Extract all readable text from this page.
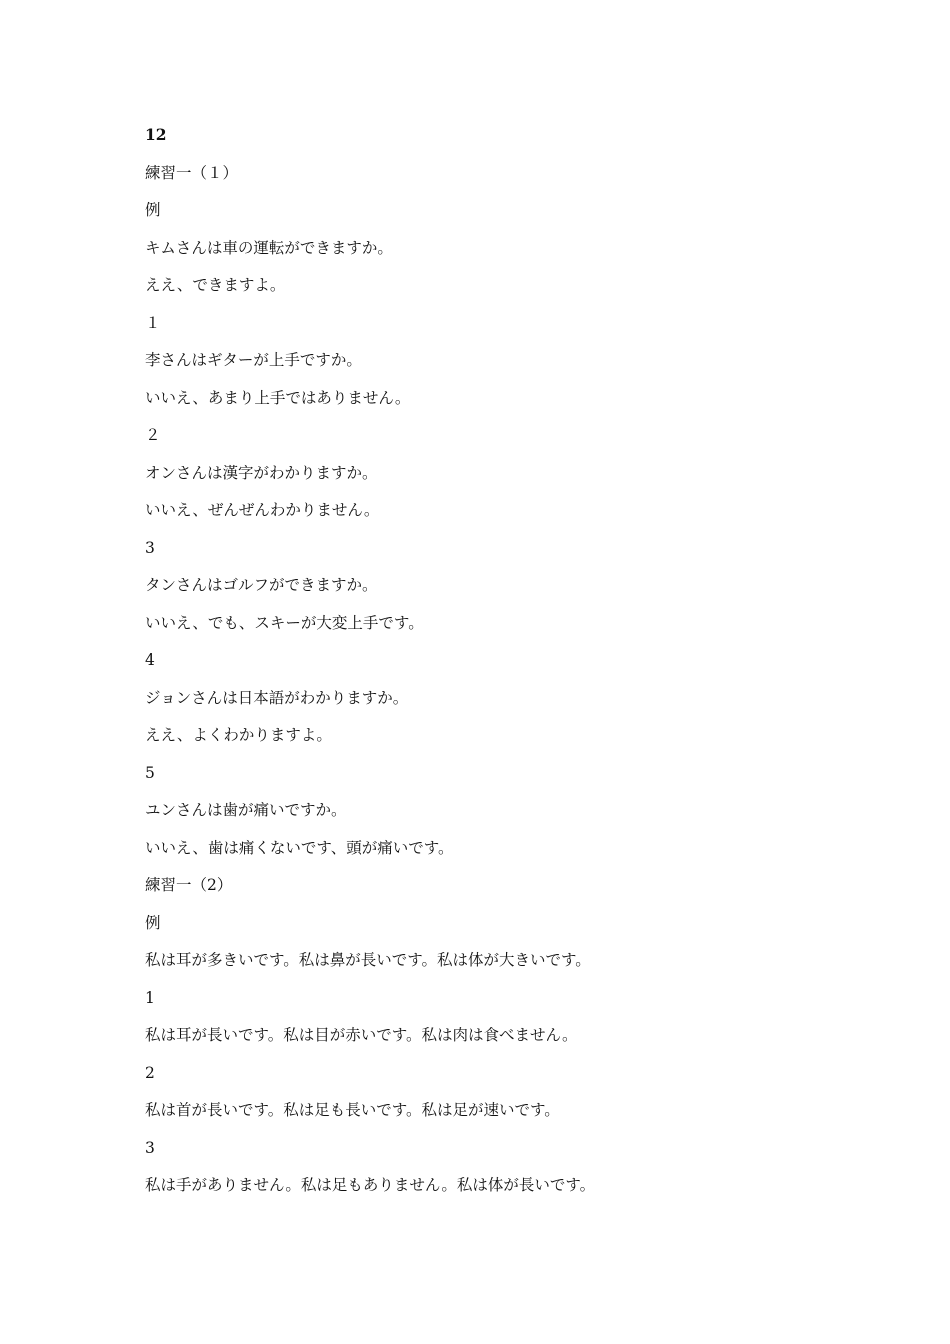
12
練習一（１）
例
キムさんは車の運転ができますか。
ええ、できますよ。
１
李さんはギターが上手ですか。
いいえ、あまり上手ではありません。
２
オンさんは漢字がわかりますか。
いいえ、ぜんぜんわかりません。
3
タンさんはゴルフができますか。
いいえ、でも、スキーが大変上手です。
4
ジョンさんは日本語がわかりますか。
ええ、よくわかりますよ。
5
ユンさんは歯が痛いですか。
いいえ、歯は痛くないです、頭が痛いです。
練習一（2）
例
私は耳が多きいです。私は鼻が長いです。私は体が大きいです。
1
私は耳が長いです。私は目が赤いです。私は肉は食べません。
2
私は首が長いです。私は足も長いです。私は足が速いです。
3
私は手がありません。私は足もありません。私は体が長いです。
